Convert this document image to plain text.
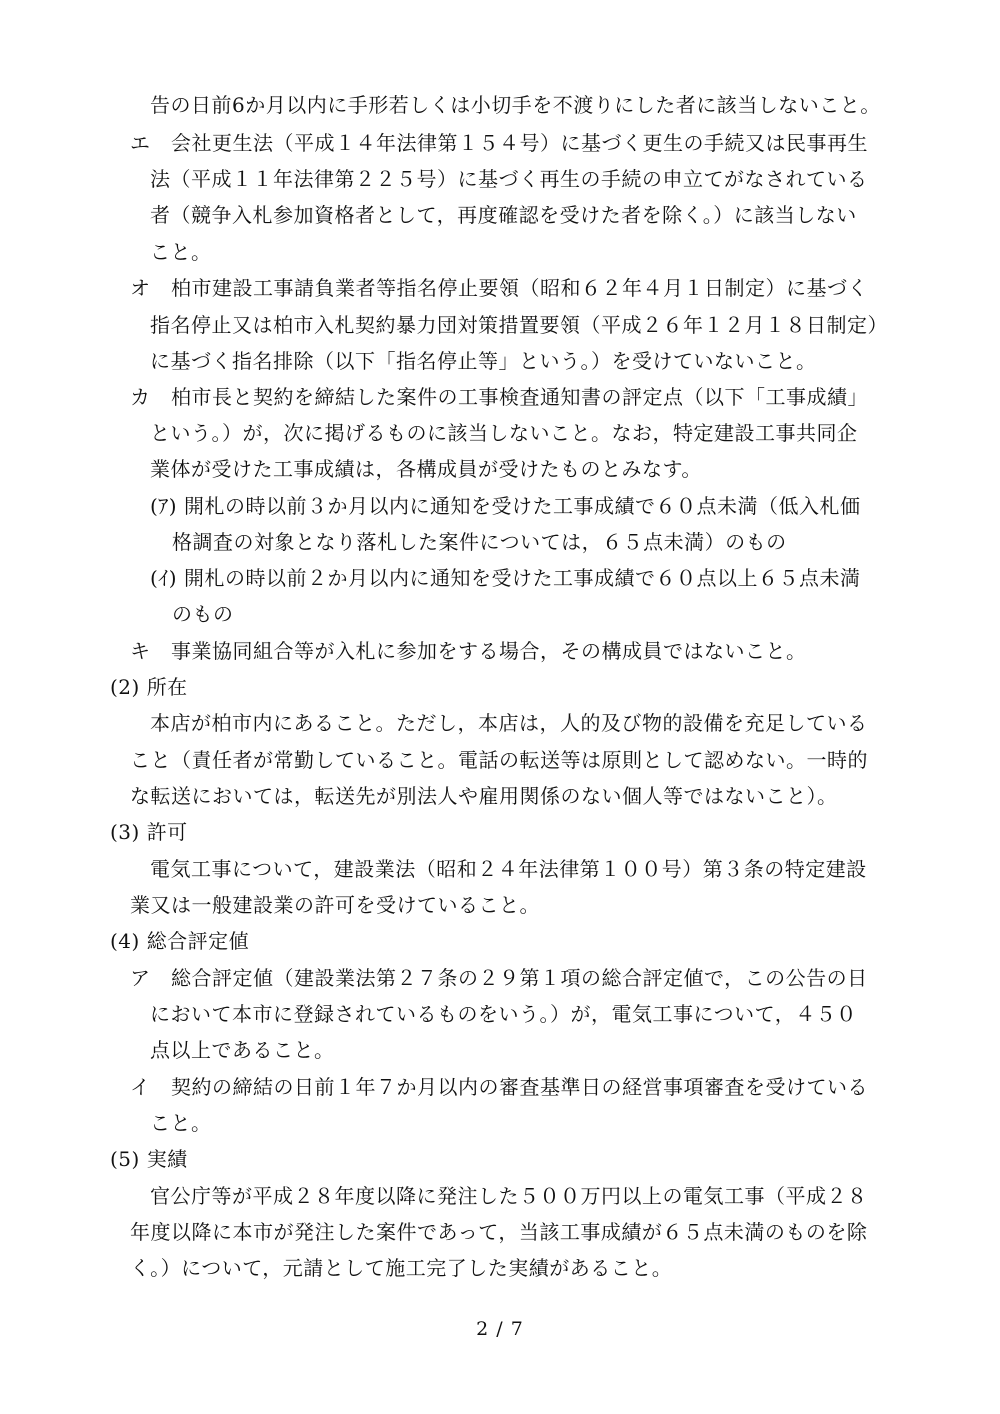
告の日前6か月以内に手形若しくは小切手を不渡りにした者に該当しないこと。
エ　会社更生法（平成１４年法律第１５４号）に基づく更生の手続又は民事再生
法（平成１１年法律第２２５号）に基づく再生の手続の申立てがなされている
者（競争入札参加資格者として，再度確認を受けた者を除く。）に該当しない
こと。
オ　柏市建設工事請負業者等指名停止要領（昭和６２年４月１日制定）に基づく
指名停止又は柏市入札契約暴力団対策措置要領（平成２６年１２月１８日制定）
に基づく指名排除（以下「指名停止等」という。）を受けていないこと。
カ　柏市長と契約を締結した案件の工事検査通知書の評定点（以下「工事成績」
という。）が，次に掲げるものに該当しないこと。なお，特定建設工事共同企
業体が受けた工事成績は，各構成員が受けたものとみなす。
(ｱ) 開札の時以前３か月以内に通知を受けた工事成績で６０点未満（低入札価
格調査の対象となり落札した案件については，６５点未満）のもの
(ｲ) 開札の時以前２か月以内に通知を受けた工事成績で６０点以上６５点未満
のもの
キ　事業協同組合等が入札に参加をする場合，その構成員ではないこと。
(2) 所在
本店が柏市内にあること。ただし，本店は，人的及び物的設備を充足している
こと（責任者が常勤していること。電話の転送等は原則として認めない。一時的
な転送においては，転送先が別法人や雇用関係のない個人等ではないこと）。
(3) 許可
電気工事について，建設業法（昭和２４年法律第１００号）第３条の特定建設
業又は一般建設業の許可を受けていること。
(4) 総合評定値
ア　総合評定値（建設業法第２７条の２９第１項の総合評定値で，この公告の日
において本市に登録されているものをいう。）が，電気工事について，４５０
点以上であること。
イ　契約の締結の日前１年７か月以内の審査基準日の経営事項審査を受けている
こと。
(5) 実績
官公庁等が平成２８年度以降に発注した５００万円以上の電気工事（平成２８
年度以降に本市が発注した案件であって，当該工事成績が６５点未満のものを除
く。）について，元請として施工完了した実績があること。
2 / 7
